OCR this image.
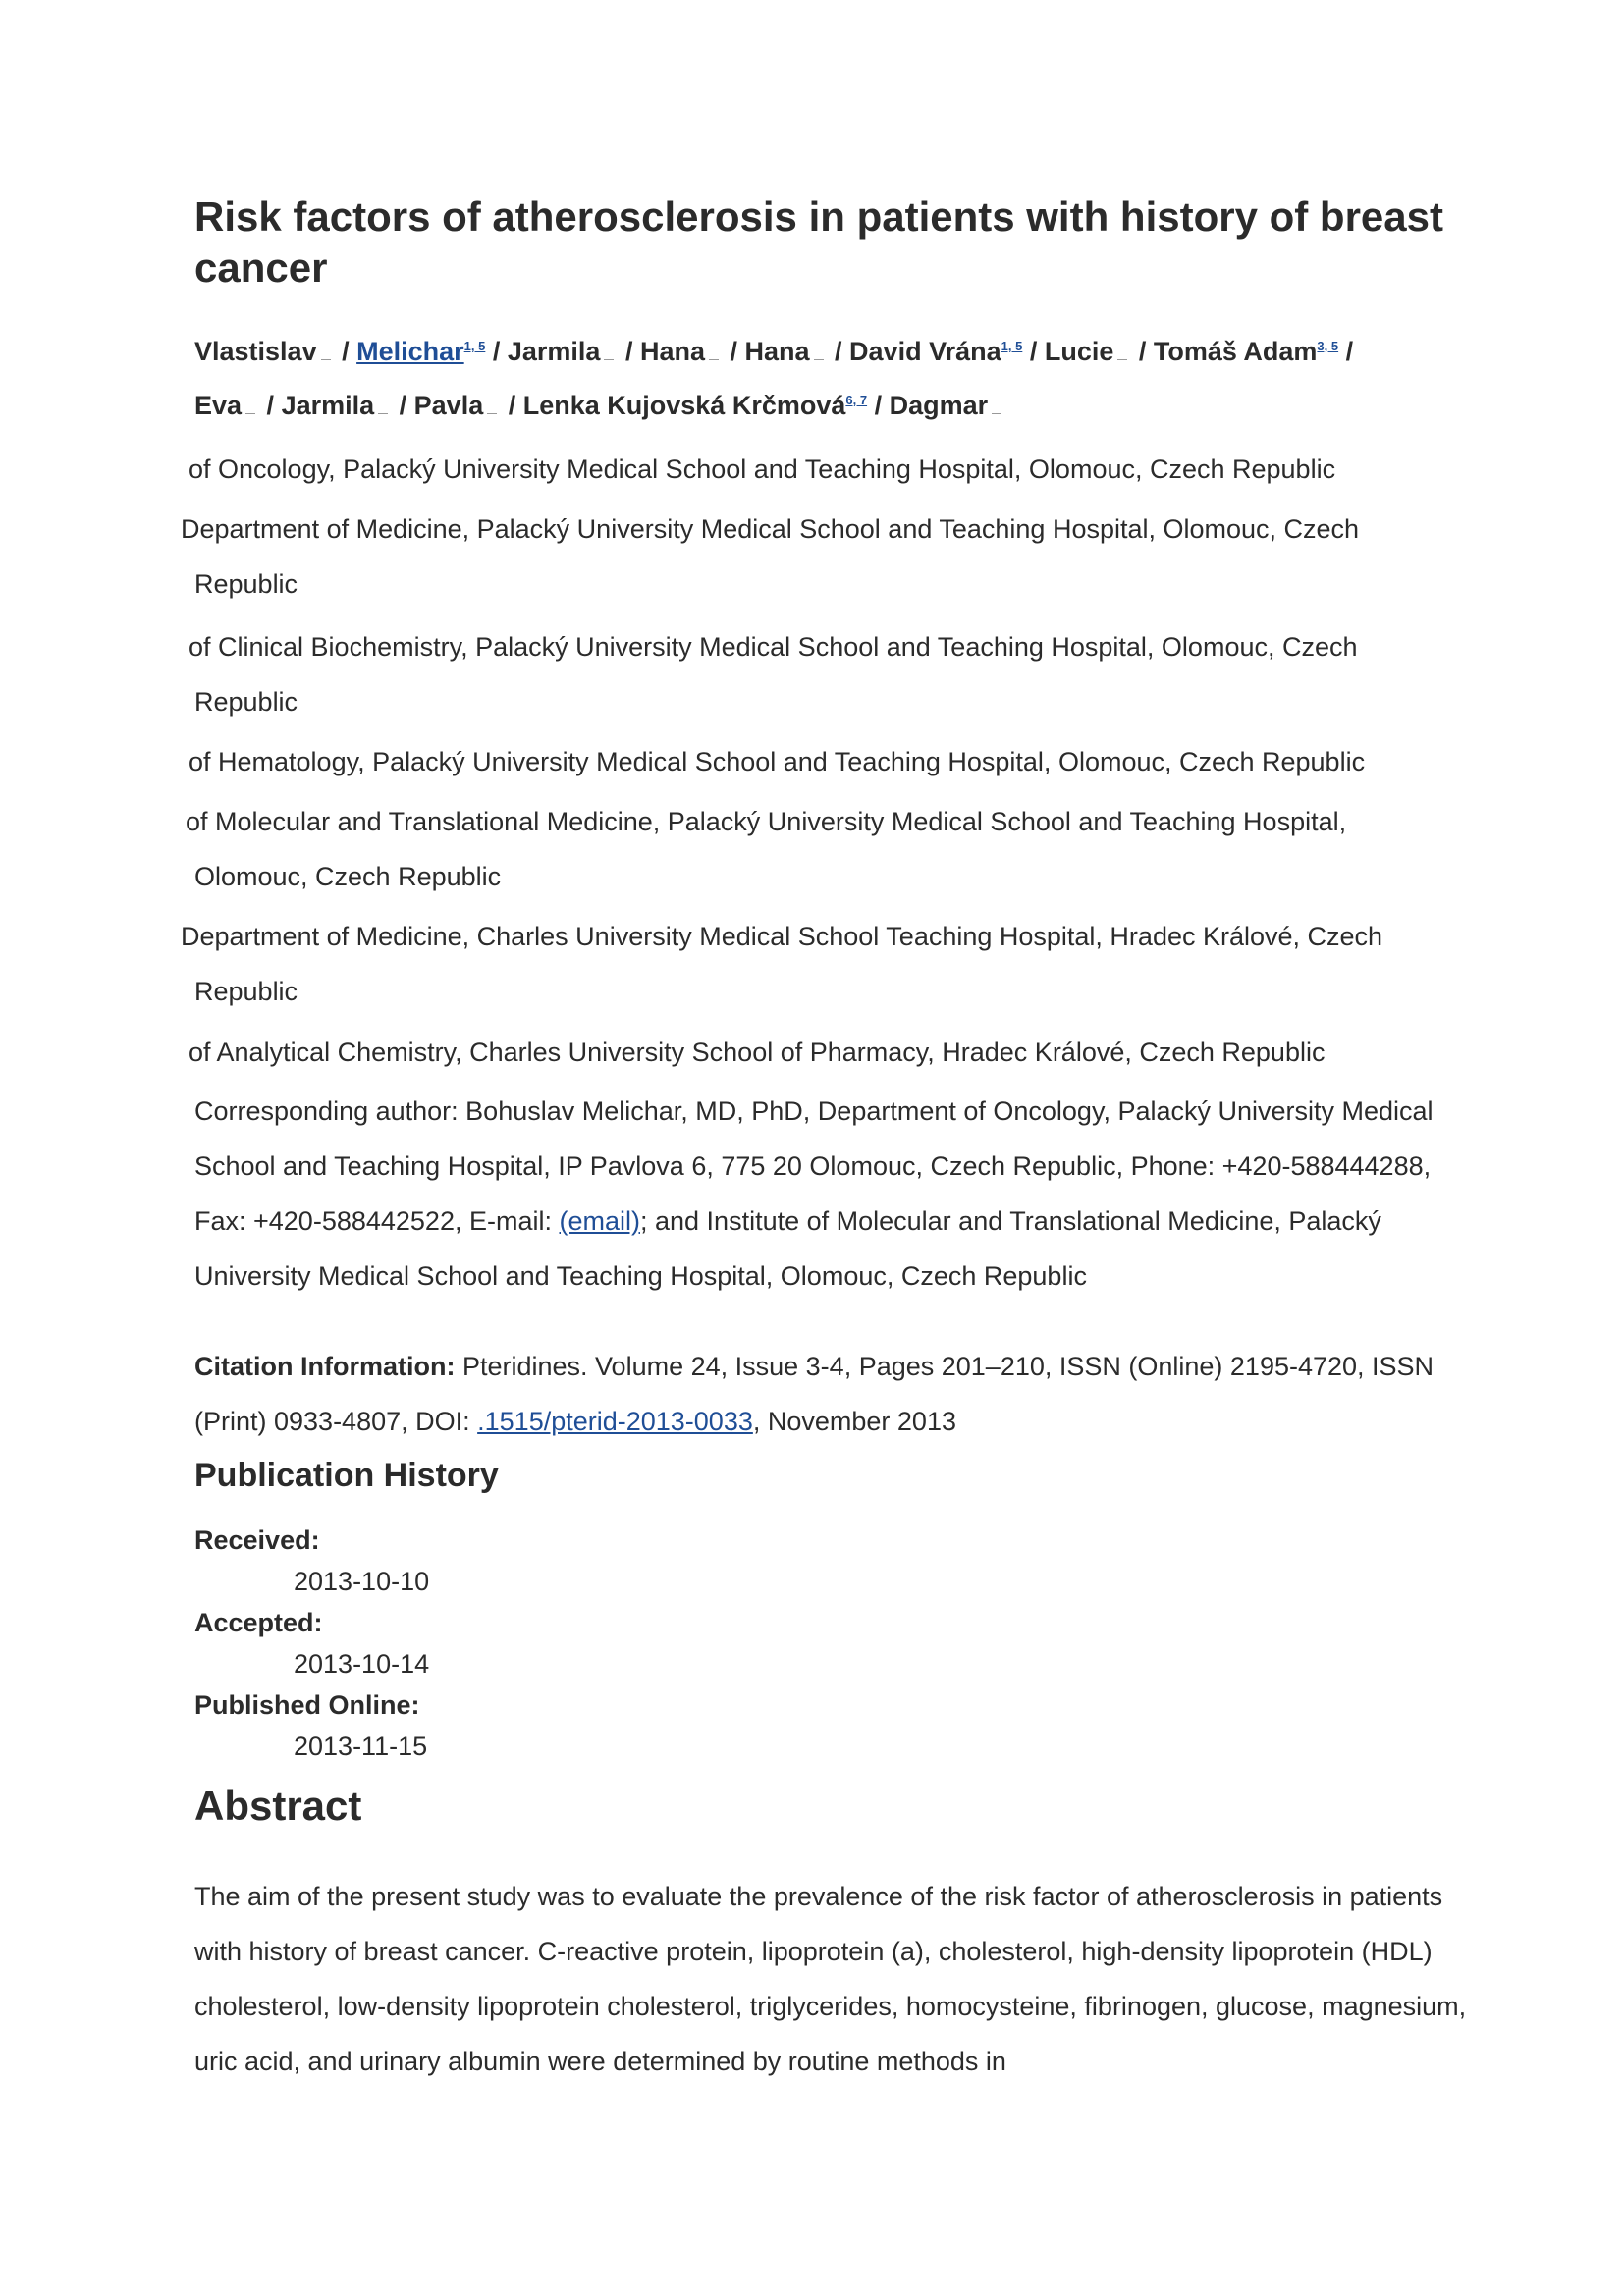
Risk factors of atherosclerosis in patients with history of breast cancer
Vlastislav / Melichar$^{1, 5}$ / Jarmila / Hana / Hana / David Vrána$^{1, 5}$ / Lucie / Tomáš Adam$^{3, 5}$ /
Eva / Jarmila / Pavla / Lenka Kujovská Krčmová$^{6, 7}$ / Dagmar
of Oncology, Palacký University Medical School and Teaching Hospital, Olomouc, Czech Republic
Department of Medicine, Palacký University Medical School and Teaching Hospital, Olomouc, Czech

Republic
of Clinical Biochemistry, Palacký University Medical School and Teaching Hospital, Olomouc, Czech

Republic
of Hematology, Palacký University Medical School and Teaching Hospital, Olomouc, Czech Republic
of Molecular and Translational Medicine, Palacký University Medical School and Teaching Hospital,

Olomouc, Czech Republic
Department of Medicine, Charles University Medical School Teaching Hospital, Hradec Králové, Czech

Republic
of Analytical Chemistry, Charles University School of Pharmacy, Hradec Králové, Czech Republic
Corresponding author: Bohuslav Melichar, MD, PhD, Department of Oncology, Palacký University Medical School and Teaching Hospital, IP Pavlova 6, 775 20 Olomouc, Czech Republic, Phone: +420-588444288, Fax: +420-588442522, E-mail: (email); and Institute of Molecular and Translational Medicine, Palacký University Medical School and Teaching Hospital, Olomouc, Czech Republic
Citation Information: Pteridines. Volume 24, Issue 3-4, Pages 201–210, ISSN (Online) 2195-4720, ISSN (Print) 0933-4807, DOI: .1515/pterid-2013-0033, November 2013
Publication History
Received:
2013-10-10
Accepted:
2013-10-14
Published Online:
2013-11-15
Abstract
The aim of the present study was to evaluate the prevalence of the risk factor of atherosclerosis in patients with history of breast cancer. C-reactive protein, lipoprotein (a), cholesterol, high-density lipoprotein (HDL) cholesterol, low-density lipoprotein cholesterol, triglycerides, homocysteine, fibrinogen, glucose, magnesium, uric acid, and urinary albumin were determined by routine methods in
